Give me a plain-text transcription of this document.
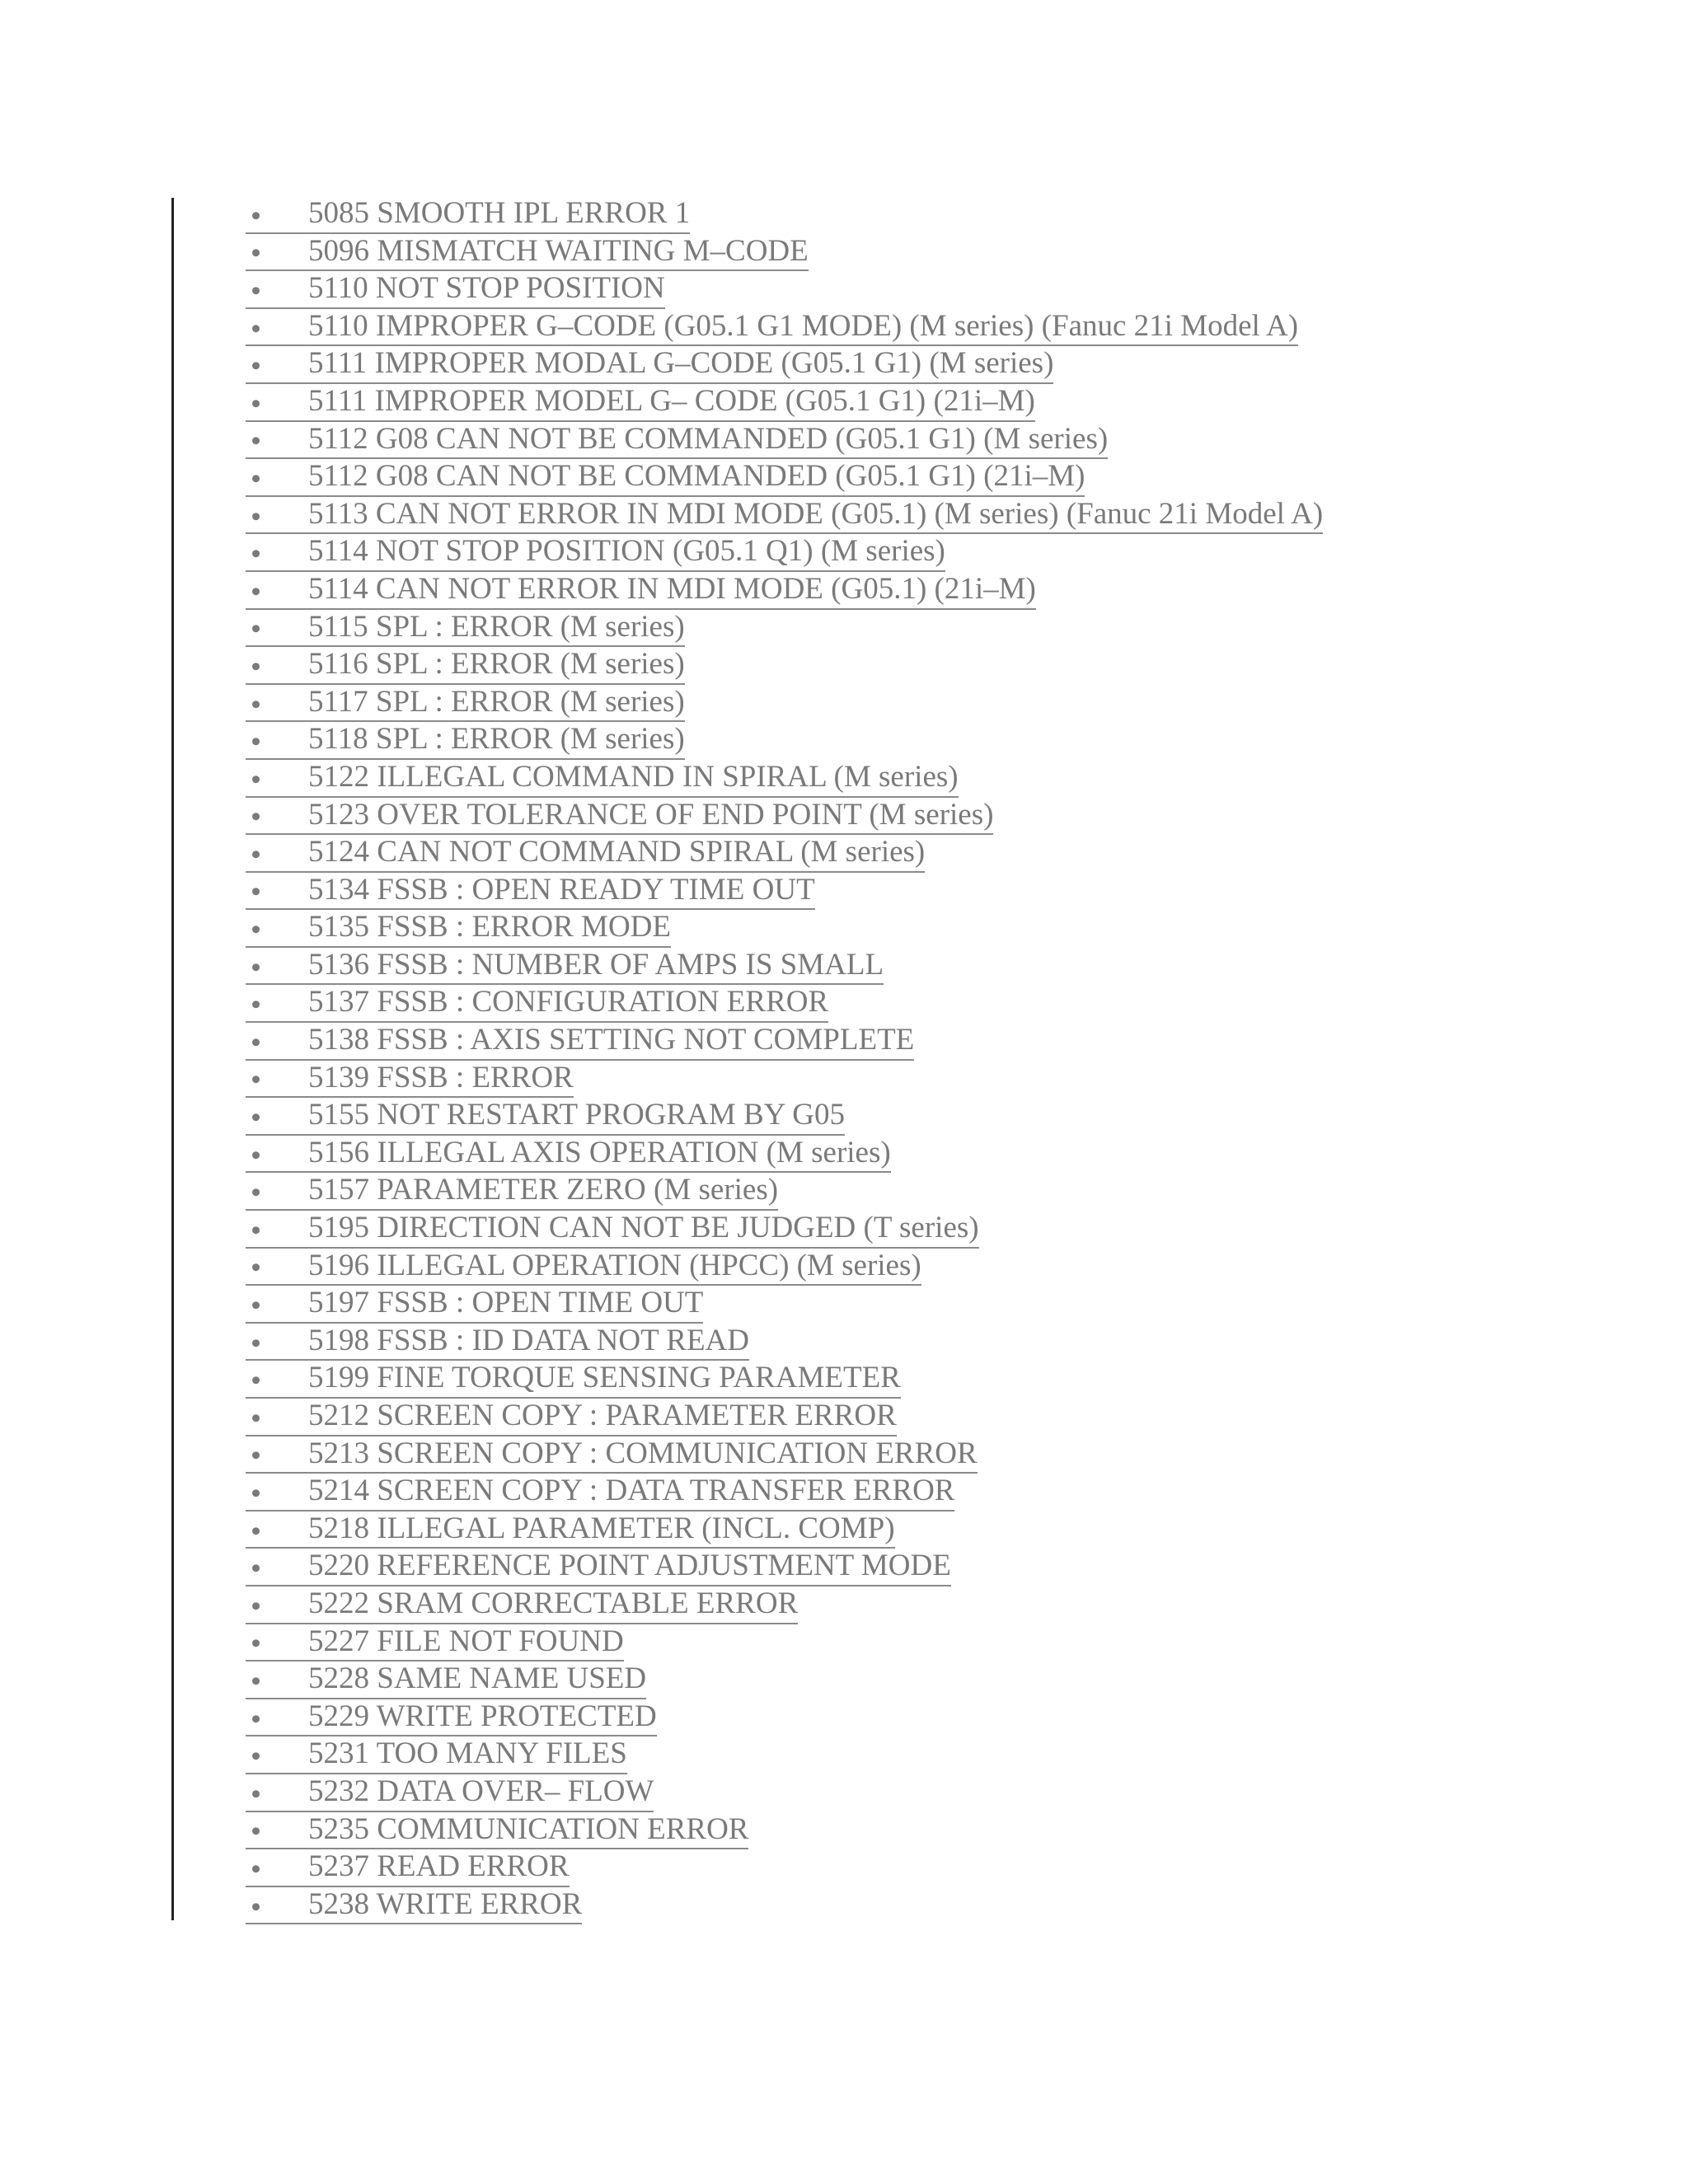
5085 SMOOTH IPL ERROR 1
5096 MISMATCH WAITING M–CODE
5110 NOT STOP POSITION
5110 IMPROPER G–CODE (G05.1 G1 MODE) (M series) (Fanuc 21i Model A)
5111 IMPROPER MODAL G–CODE (G05.1 G1) (M series)
5111 IMPROPER MODEL G– CODE (G05.1 G1) (21i–M)
5112 G08 CAN NOT BE COMMANDED (G05.1 G1) (M series)
5112 G08 CAN NOT BE COMMANDED (G05.1 G1) (21i–M)
5113 CAN NOT ERROR IN MDI MODE (G05.1) (M series) (Fanuc 21i Model A)
5114 NOT STOP POSITION (G05.1 Q1) (M series)
5114 CAN NOT ERROR IN MDI MODE (G05.1) (21i–M)
5115 SPL : ERROR (M series)
5116 SPL : ERROR (M series)
5117 SPL : ERROR (M series)
5118 SPL : ERROR (M series)
5122 ILLEGAL COMMAND IN SPIRAL (M series)
5123 OVER TOLERANCE OF END POINT (M series)
5124 CAN NOT COMMAND SPIRAL (M series)
5134 FSSB : OPEN READY TIME OUT
5135 FSSB : ERROR MODE
5136 FSSB : NUMBER OF AMPS IS SMALL
5137 FSSB : CONFIGURATION ERROR
5138 FSSB : AXIS SETTING NOT COMPLETE
5139 FSSB : ERROR
5155 NOT RESTART PROGRAM BY G05
5156 ILLEGAL AXIS OPERATION (M series)
5157 PARAMETER ZERO (M series)
5195 DIRECTION CAN NOT BE JUDGED (T series)
5196 ILLEGAL OPERATION (HPCC) (M series)
5197 FSSB : OPEN TIME OUT
5198 FSSB : ID DATA NOT READ
5199 FINE TORQUE SENSING PARAMETER
5212 SCREEN COPY : PARAMETER ERROR
5213 SCREEN COPY : COMMUNICATION ERROR
5214 SCREEN COPY : DATA TRANSFER ERROR
5218 ILLEGAL PARAMETER (INCL. COMP)
5220 REFERENCE POINT ADJUSTMENT MODE
5222 SRAM CORRECTABLE ERROR
5227 FILE NOT FOUND
5228 SAME NAME USED
5229 WRITE PROTECTED
5231 TOO MANY FILES
5232 DATA OVER– FLOW
5235 COMMUNICATION ERROR
5237 READ ERROR
5238 WRITE ERROR
